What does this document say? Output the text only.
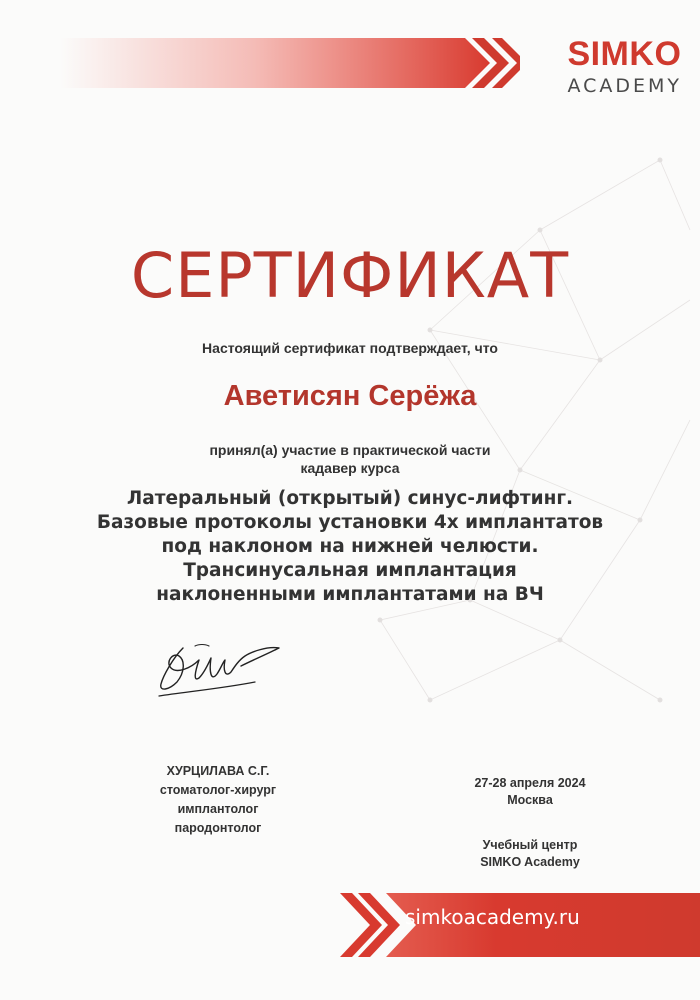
SIMKO
ACADEMY
СЕРТИФИКАТ
Настоящий сертификат подтверждает, что
Аветисян Серёжа
принял(а) участие в практической части
кадавер курса
Латеральный (открытый) синус-лифтинг.
Базовые протоколы установки 4х имплантатов
под наклоном на нижней челюсти.
Трансинусальная имплантация
наклоненными имплантатами на ВЧ
ХУРЦИЛАВА С.Г.
стоматолог-хирург
имплантолог
пародонтолог
27-28 апреля 2024
Москва
Учебный центр
SIMKO Academy
simkoacademy.ru
